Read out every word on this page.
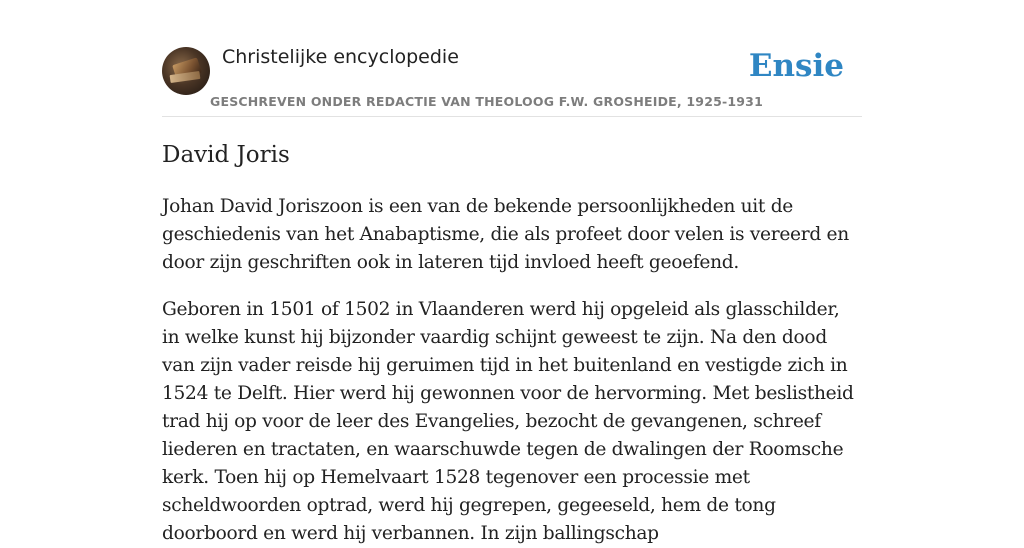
Christelijke encyclopedie
GESCHREVEN ONDER REDACTIE VAN THEOLOOG F.W. GROSHEIDE, 1925-1931
Ensie
David Joris

Johan David Joriszoon is een van de bekende persoonlijkheden uit de geschiedenis van het Anabaptisme, die als profeet door velen is vereerd en door zijn geschriften ook in lateren tijd invloed heeft geoefend.

Geboren in 1501 of 1502 in Vlaanderen werd hij opgeleid als glasschilder, in welke kunst hij bijzonder vaardig schijnt geweest te zijn. Na den dood van zijn vader reisde hij geruimen tijd in het buitenland en vestigde zich in 1524 te Delft. Hier werd hij gewonnen voor de hervorming. Met beslistheid trad hij op voor de leer des Evangelies, bezocht de gevangenen, schreef liederen en tractaten, en waarschuwde tegen de dwalingen der Roomsche kerk. Toen hij op Hemelvaart 1528 tegenover een processie met scheldwoorden optrad, werd hij gegrepen, gegeeseld, hem de tong doorboord en werd hij verbannen. In zijn ballingschap
